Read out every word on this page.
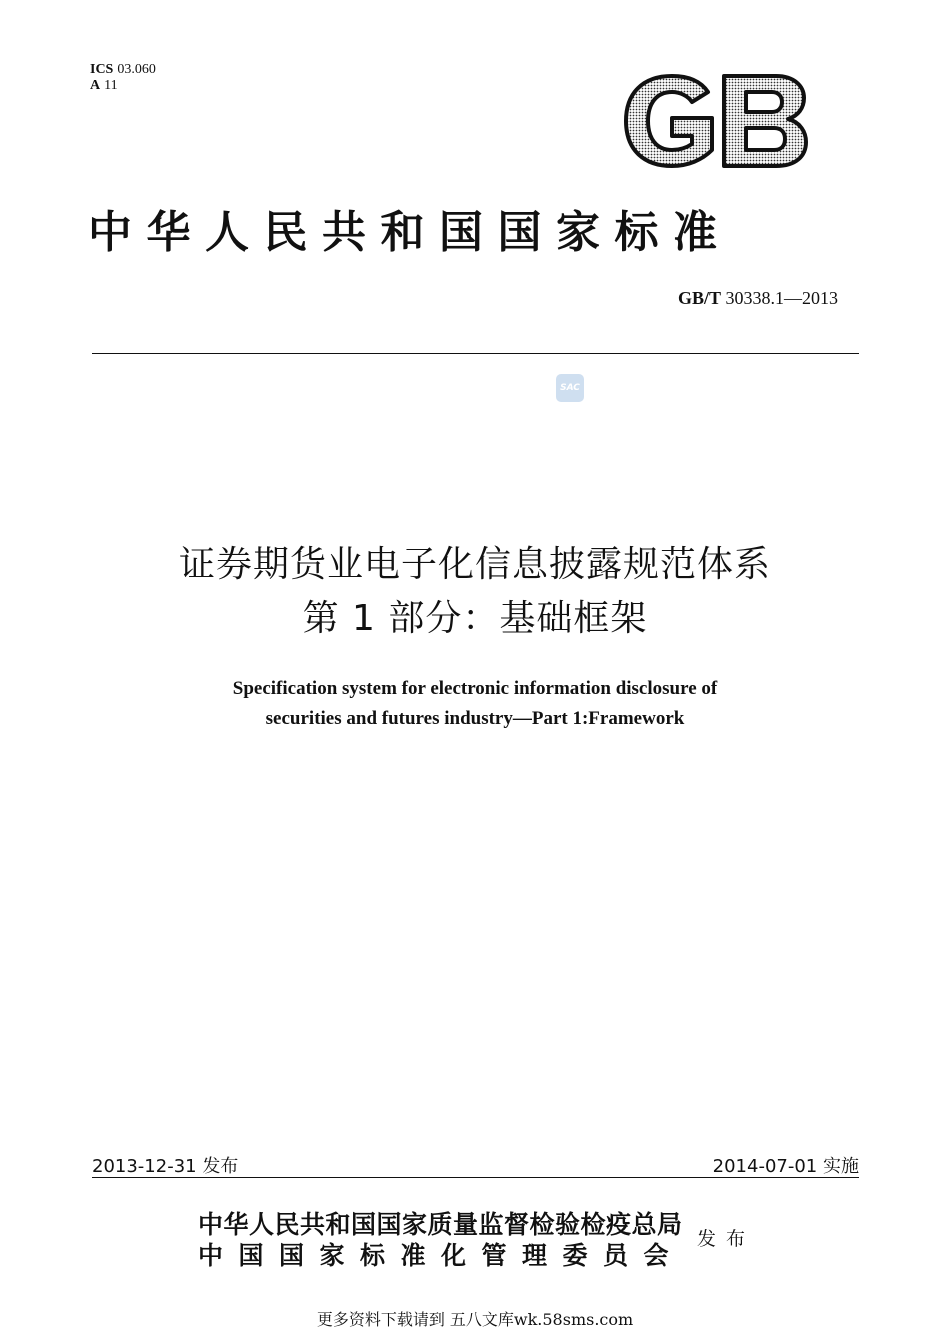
ICS 03.060
A 11
中华人民共和国国家标准
GB/T 30338.1—2013
SAC
证券期货业电子化信息披露规范体系
第 1 部分：基础框架
Specification system for electronic information disclosure of
securities and futures industry—Part 1:Framework
2013-12-31 发布	2014-07-01 实施
中华人民共和国国家质量监督检验检疫总局
中国国家标准化管理委员会
发布
更多资料下载请到 五八文库wk.58sms.com
